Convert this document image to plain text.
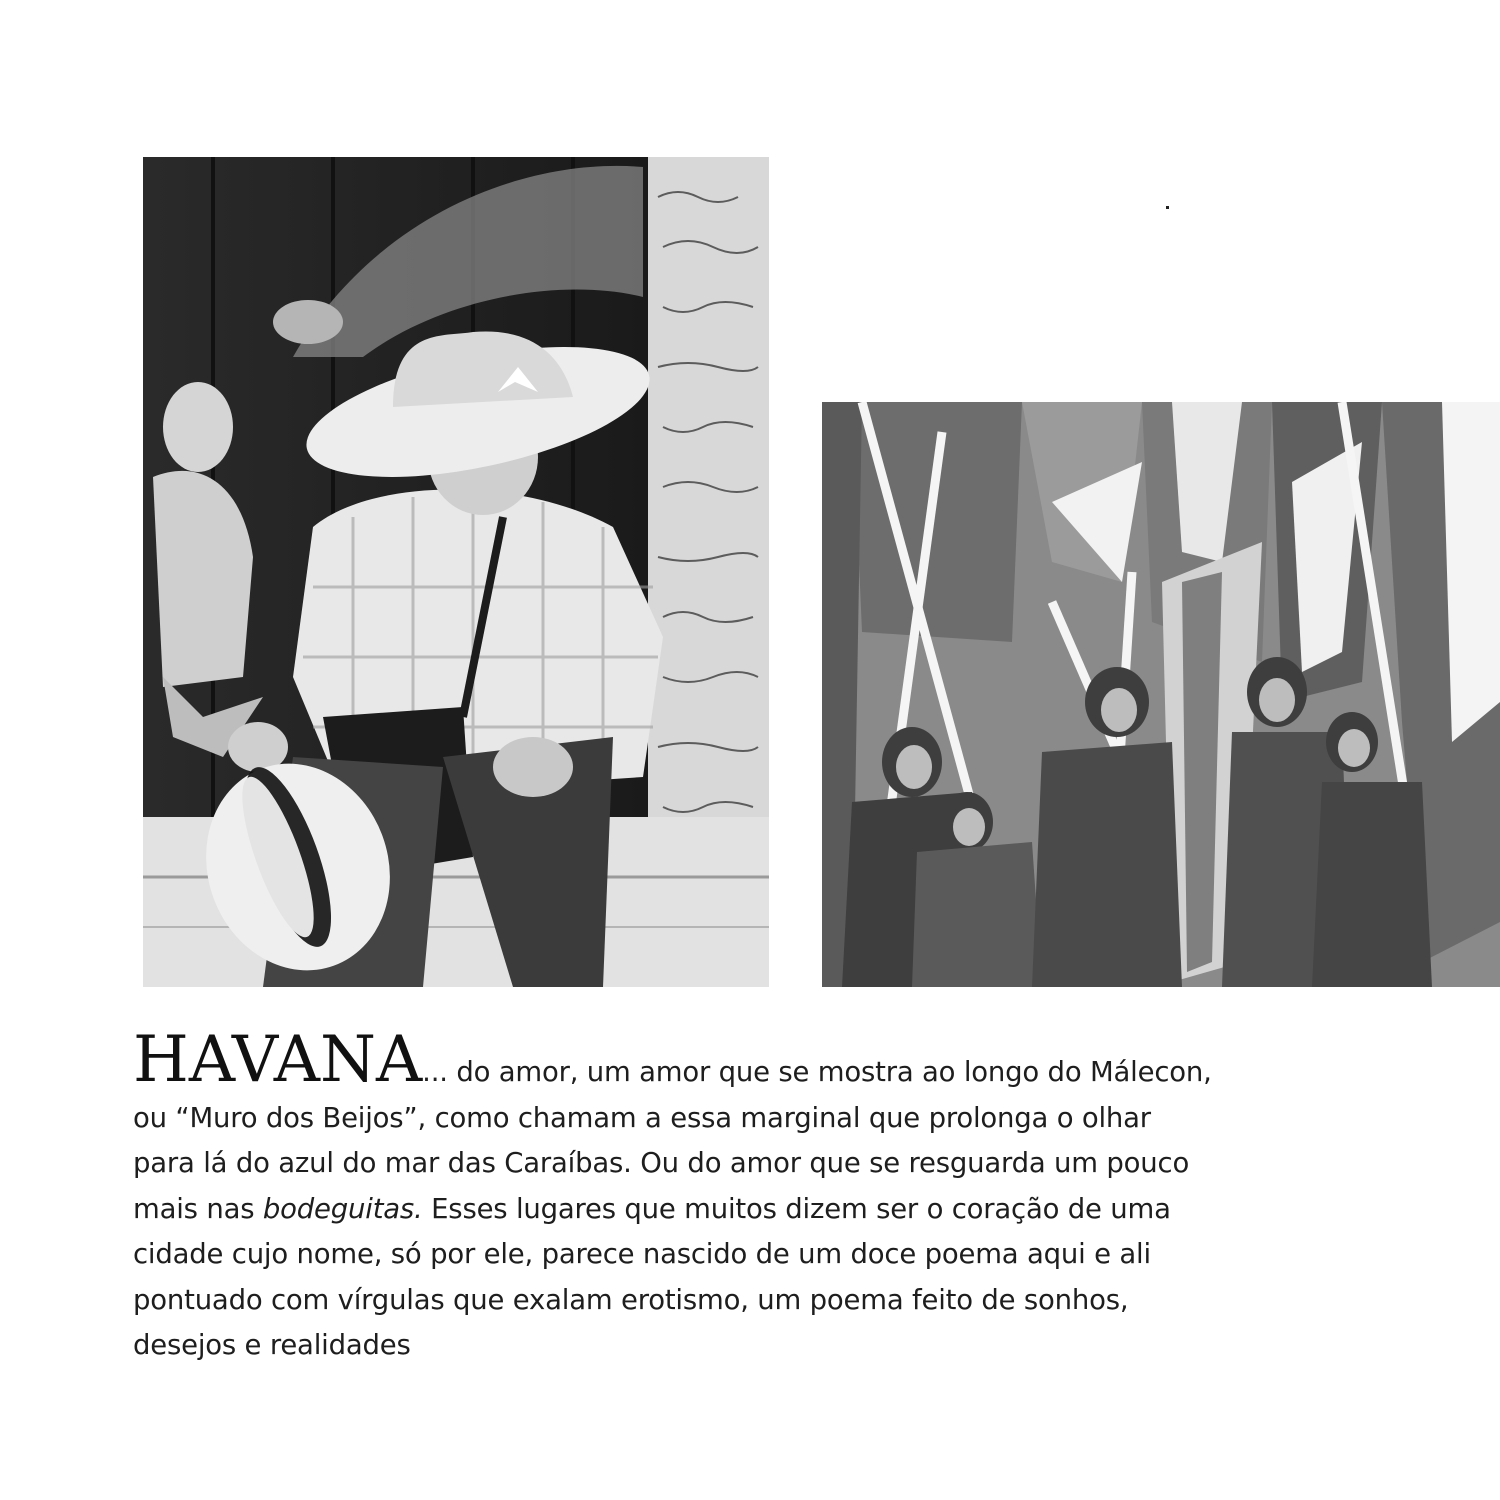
HAVANA... do amor, um amor que se mostra ao longo do Málecon,
ou “Muro dos Beijos”, como chamam a essa marginal que prolonga o olhar
para lá do azul do mar das Caraíbas. Ou do amor que se resguarda um pouco
mais nas bodeguitas. Esses lugares que muitos dizem ser o coração de uma
cidade cujo nome, só por ele, parece nascido de um doce poema aqui e ali
pontuado com vírgulas que exalam erotismo, um poema feito de sonhos,
desejos e realidades
